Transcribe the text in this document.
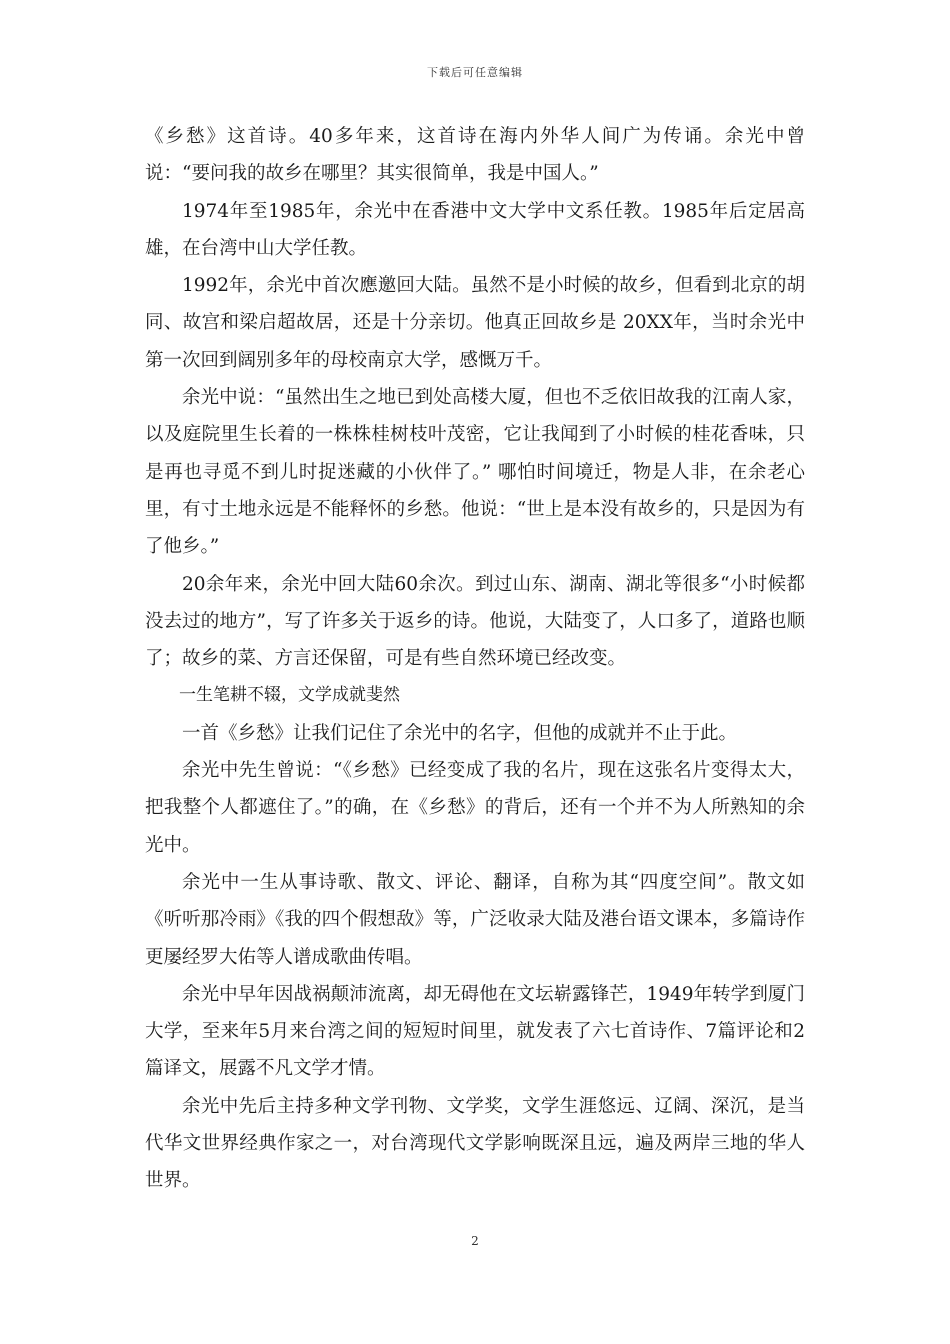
下载后可任意编辑

《乡愁》这首诗。40多年来，这首诗在海内外华人间广为传诵。余光中曾说：“要问我的故乡在哪里？其实很简单，我是中国人。”

1974年至1985年，余光中在香港中文大学中文系任教。1985年后定居高雄，在台湾中山大学任教。

1992年，余光中首次應邀回大陆。虽然不是小时候的故乡，但看到北京的胡同、故宫和梁启超故居，还是十分亲切。他真正回故乡是 20XX年，当时余光中第一次回到阔别多年的母校南京大学，感慨万千。

余光中说：“虽然出生之地已到处高楼大厦，但也不乏依旧故我的江南人家，以及庭院里生长着的一株株桂树枝叶茂密，它让我闻到了小时候的桂花香味，只是再也寻觅不到儿时捉迷藏的小伙伴了。” 哪怕时间境迁，物是人非，在余老心里，有寸土地永远是不能释怀的乡愁。他说：“世上是本没有故乡的，只是因为有了他乡。”

20余年来，余光中回大陆60余次。到过山东、湖南、湖北等很多“小时候都没去过的地方”，写了许多关于返乡的诗。他说，大陆变了，人口多了，道路也顺了；故乡的菜、方言还保留，可是有些自然环境已经改变。

一生笔耕不辍，文学成就斐然

一首《乡愁》让我们记住了余光中的名字，但他的成就并不止于此。

余光中先生曾说：“《乡愁》已经变成了我的名片，现在这张名片变得太大，把我整个人都遮住了。”的确，在《乡愁》的背后，还有一个并不为人所熟知的余光中。

余光中一生从事诗歌、散文、评论、翻译，自称为其“四度空间”。散文如《听听那冷雨》《我的四个假想敌》等，广泛收录大陆及港台语文课本，多篇诗作更屡经罗大佑等人谱成歌曲传唱。

余光中早年因战祸颠沛流离，却无碍他在文坛崭露锋芒，1949年转学到厦门大学，至来年5月来台湾之间的短短时间里，就发表了六七首诗作、7篇评论和2篇译文，展露不凡文学才情。

余光中先后主持多种文学刊物、文学奖，文学生涯悠远、辽阔、深沉，是当代华文世界经典作家之一，对台湾现代文学影响既深且远，遍及两岸三地的华人世界。

2
